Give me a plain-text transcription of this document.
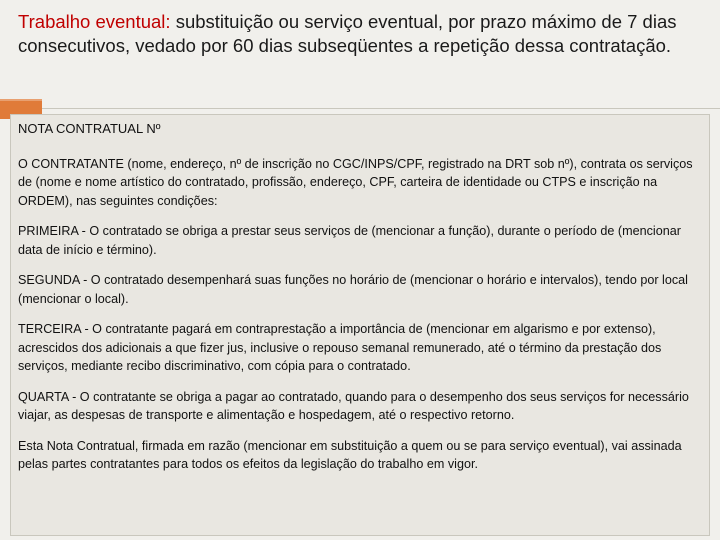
Trabalho eventual: substituição ou serviço eventual, por prazo máximo de 7 dias consecutivos, vedado por 60 dias subseqüentes a repetição dessa contratação.

NOTA CONTRATUAL Nº

O CONTRATANTE (nome, endereço, nº de inscrição no CGC/INPS/CPF, registrado na DRT sob nº), contrata os serviços de (nome e nome artístico do contratado, profissão, endereço, CPF, carteira de identidade ou CTPS e inscrição na ORDEM), nas seguintes condições:

PRIMEIRA - O contratado se obriga a prestar seus serviços de (mencionar a função), durante o período de (mencionar data de início e término).

SEGUNDA - O contratado desempenhará suas funções no horário de (mencionar o horário e intervalos), tendo por local (mencionar o local).

TERCEIRA - O contratante pagará em contraprestação a importância de (mencionar em algarismo e por extenso), acrescidos dos adicionais a que fizer jus, inclusive o repouso semanal remunerado, até o término da prestação dos serviços, mediante recibo discriminativo, com cópia para o contratado.

QUARTA - O contratante se obriga a pagar ao contratado, quando para o desempenho dos seus serviços for necessário viajar, as despesas de transporte e alimentação e hospedagem, até o respectivo retorno.

Esta Nota Contratual, firmada em razão (mencionar em substituição a quem ou se para serviço eventual), vai assinada pelas partes contratantes para todos os efeitos da legislação do trabalho em vigor.
